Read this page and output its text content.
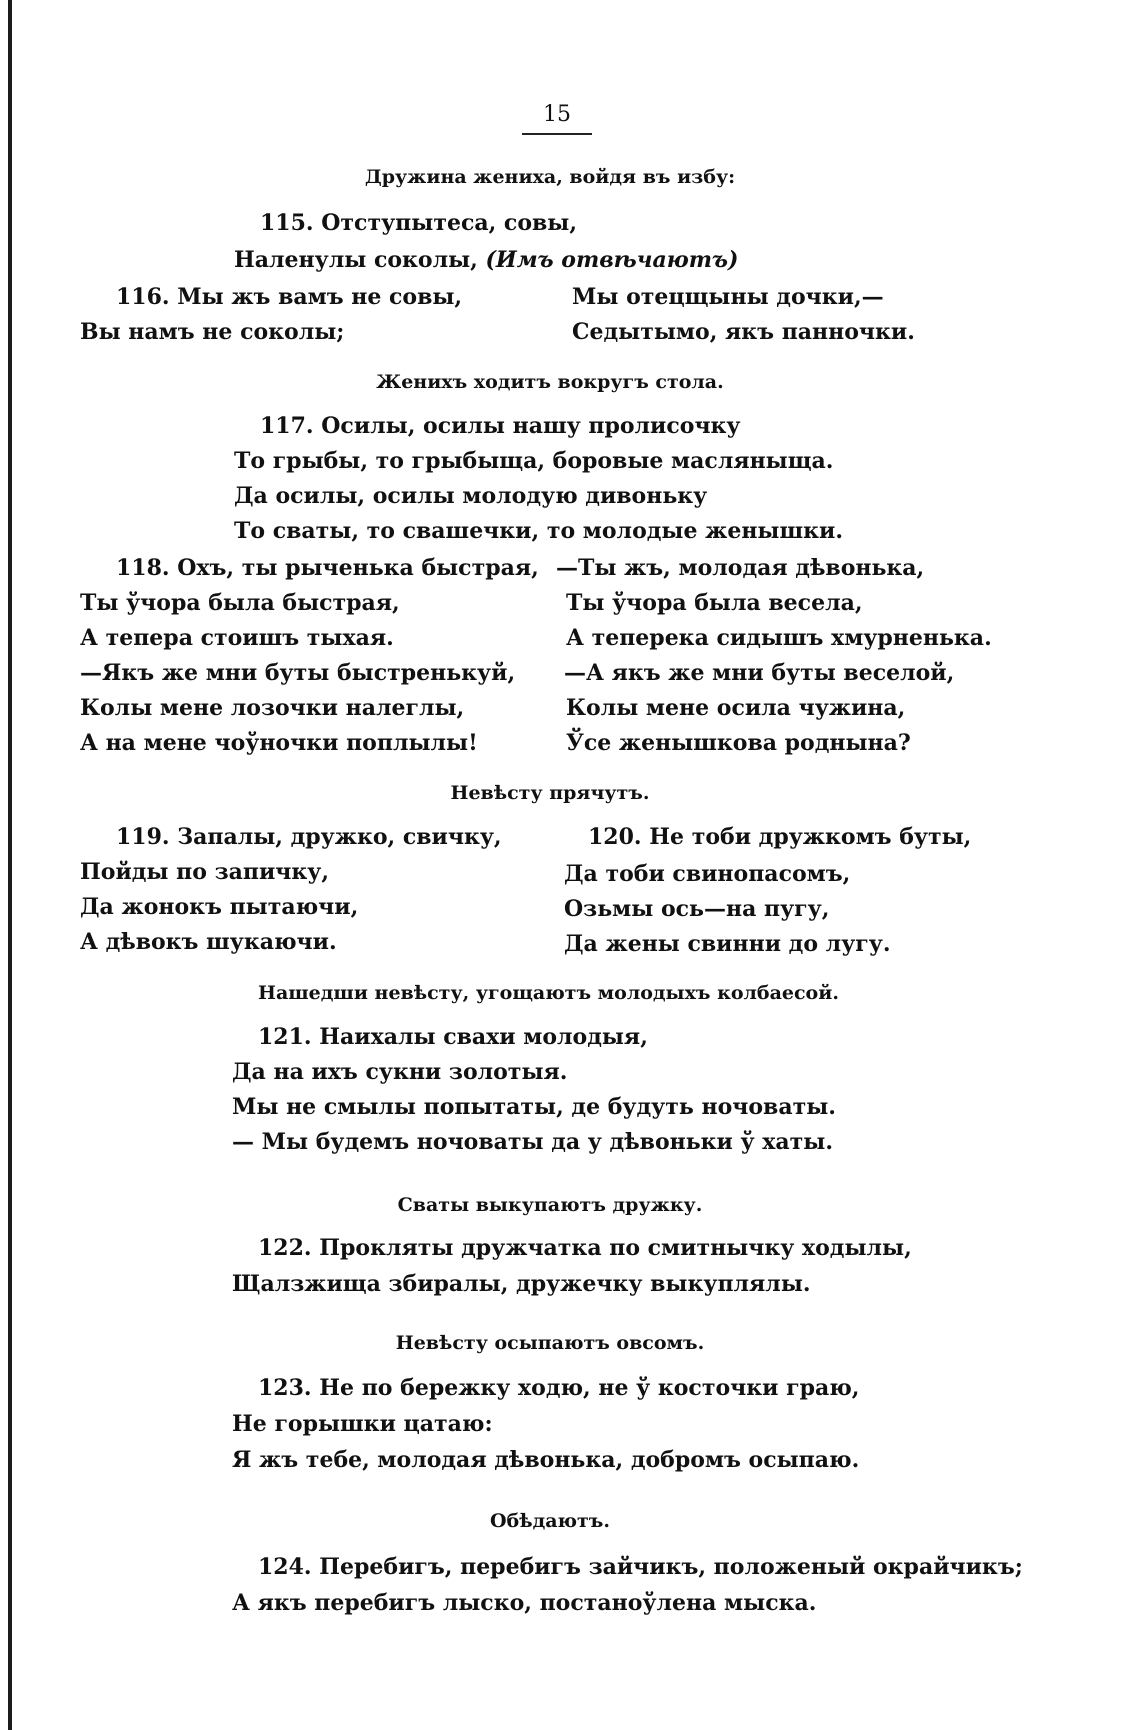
15
Дружина жениха, войдя въ избу:
115. Отступытеса, совы,
Наленулы соколы, (Имъ отвѣчаютъ)
116. Мы жъ вамъ не совы,
Вы намъ не соколы;
Мы отецщыны дочки,—
Седытымо, якъ панночки.
Женихъ ходитъ вокругъ стола.
117. Осилы, осилы нашу пролисочку
То грыбы, то грыбыща, боровые масляныща.
Да осилы, осилы молодую дивоньку
То сваты, то свашечки, то молодые женышки.
118. Охъ, ты рыченька быстрая,
Ты ўчора была быстрая,
А тепера стоишъ тыхая.
—Якъ же мни буты быстренькуй,
Колы мене лозочки налеглы,
А на мене чоўночки поплылы!
—Ты жъ, молодая дѣвонька,
Ты ўчора была весела,
А теперека сидышъ хмурненька.
—А якъ же мни буты веселой,
Колы мене осила чужина,
Ўсе женышкова роднына?
Невѣсту прячутъ.
119. Запалы, дружко, свичку,
Пойды по запичку,
Да жонокъ пытаючи,
А дѣвокъ шукаючи.
120. Не тоби дружкомъ буты,
Да тоби свинопасомъ,
Озьмы ось—на пугу,
Да жены свинни до лугу.
Нашедши невѣсту, угощаютъ молодыхъ колбаесой.
121. Наихалы свахи молодыя,
Да на ихъ сукни золотыя.
Мы не смылы попытаты, де будуть ночоваты.
— Мы будемъ ночоваты да у дѣвоньки ў хаты.
Сваты выкупаютъ дружку.
122. Прокляты дружчатка по смитнычку ходылы,
Щалзжища збиралы, дружечку выкуплялы.
Невѣсту осыпаютъ овсомъ.
123. Не по бережку ходю, не ў косточки граю,
Не горышки цатаю:
Я жъ тебе, молодая дѣвонька, добромъ осыпаю.
Обѣдаютъ.
124. Перебигъ, перебигъ зайчикъ, положеный окрайчикъ;
А якъ перебигъ лыско, постаноўлена мыска.
